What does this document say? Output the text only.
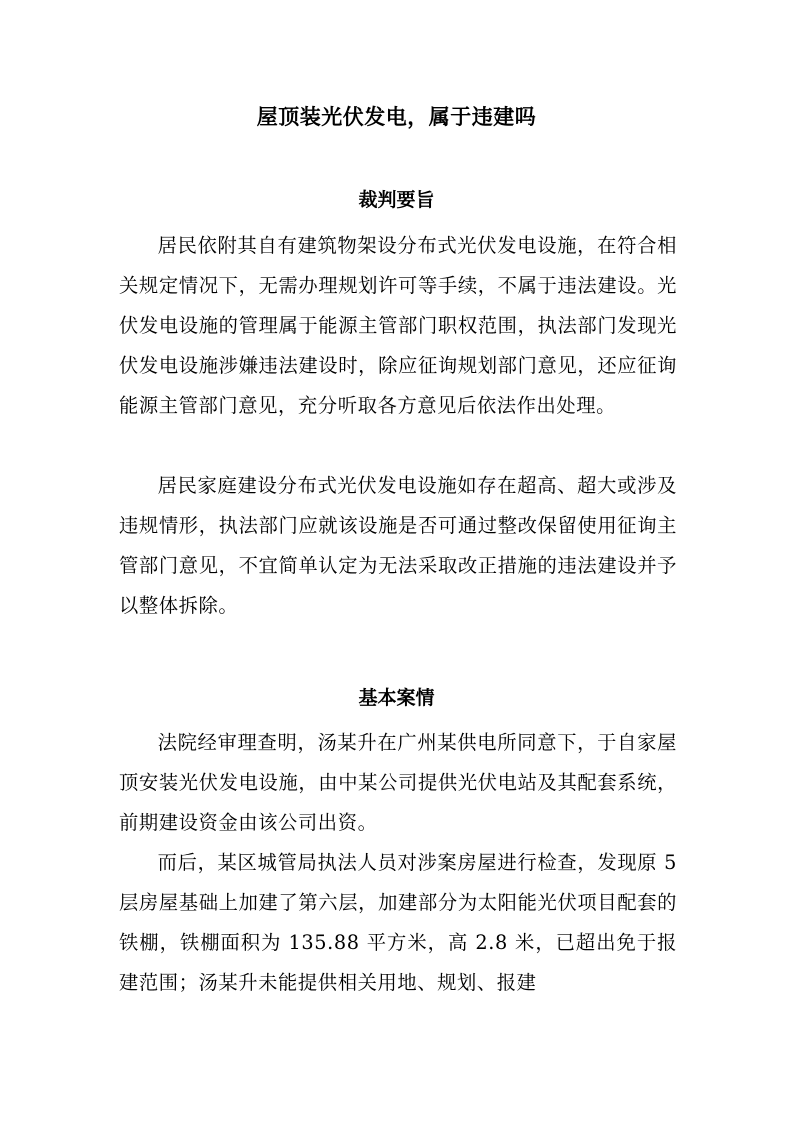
屋顶装光伏发电，属于违建吗
裁判要旨

居民依附其自有建筑物架设分布式光伏发电设施，在符合相关规定情况下，无需办理规划许可等手续，不属于违法建设。光伏发电设施的管理属于能源主管部门职权范围，执法部门发现光伏发电设施涉嫌违法建设时，除应征询规划部门意见，还应征询能源主管部门意见，充分听取各方意见后依法作出处理。

居民家庭建设分布式光伏发电设施如存在超高、超大或涉及违规情形，执法部门应就该设施是否可通过整改保留使用征询主管部门意见，不宜简单认定为无法采取改正措施的违法建设并予以整体拆除。

基本案情

法院经审理查明，汤某升在广州某供电所同意下，于自家屋顶安装光伏发电设施，由中某公司提供光伏电站及其配套系统，前期建设资金由该公司出资。

而后，某区城管局执法人员对涉案房屋进行检查，发现原 5 层房屋基础上加建了第六层，加建部分为太阳能光伏项目配套的铁棚，铁棚面积为 135.88 平方米，高 2.8 米，已超出免于报建范围；汤某升未能提供相关用地、规划、报建
